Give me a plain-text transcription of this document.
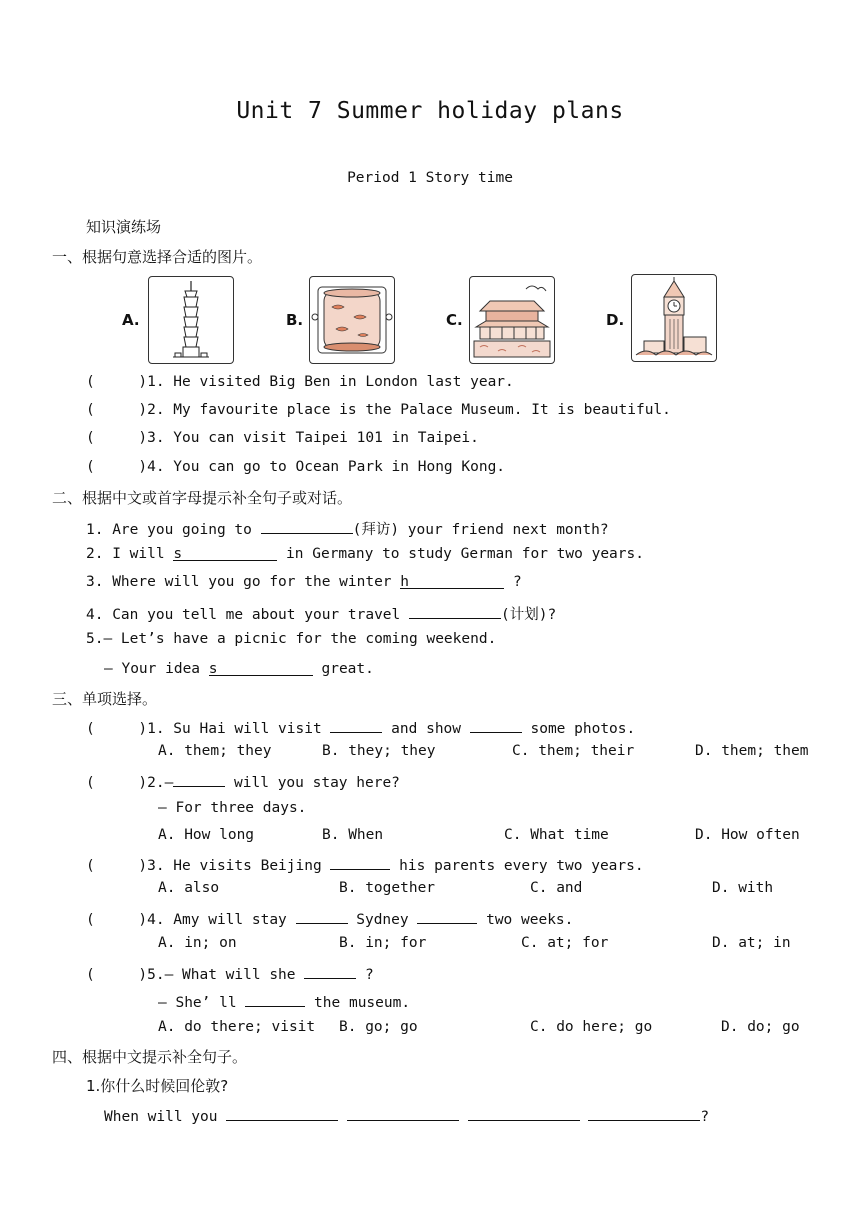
Unit 7 Summer holiday plans
Period 1 Story time
知识演练场
一、根据句意选择合适的图片。
A.	B.	C.	D.
(     )1. He visited Big Ben in London last year.
(     )2. My favourite place is the Palace Museum. It is beautiful.
(     )3. You can visit Taipei 101 in Taipei.
(     )4. You can go to Ocean Park in Hong Kong.
二、根据中文或首字母提示补全句子或对话。
1. Are you going to	(拜访) your friend next month?
2. I will s	in Germany to study German for two years.
3. Where will you go for the winter h	?
4. Can you tell me about your travel	(计划)?
5.— Let’s have a picnic for the coming weekend.
— Your idea s	great.
三、单项选择。
(     )1. Su Hai will visit	and show	some photos.
A. them; they	B. they; they	C. them; their	D. them; them
(     )2.—	will you stay here?
— For three days.
A. How long	B. When	C. What time	D. How often
(     )3. He visits Beijing	his parents every two years.
A. also	B. together	C. and	D. with
(     )4. Amy will stay	Sydney	two weeks.
A. in; on	B. in; for	C. at; for	D. at; in
(     )5.— What will she	?
— She’ ll	the museum.
A. do there; visit B. go; go	C. do here; go	D. do; go
四、根据中文提示补全句子。
1.你什么时候回伦敦?
When will you	?
